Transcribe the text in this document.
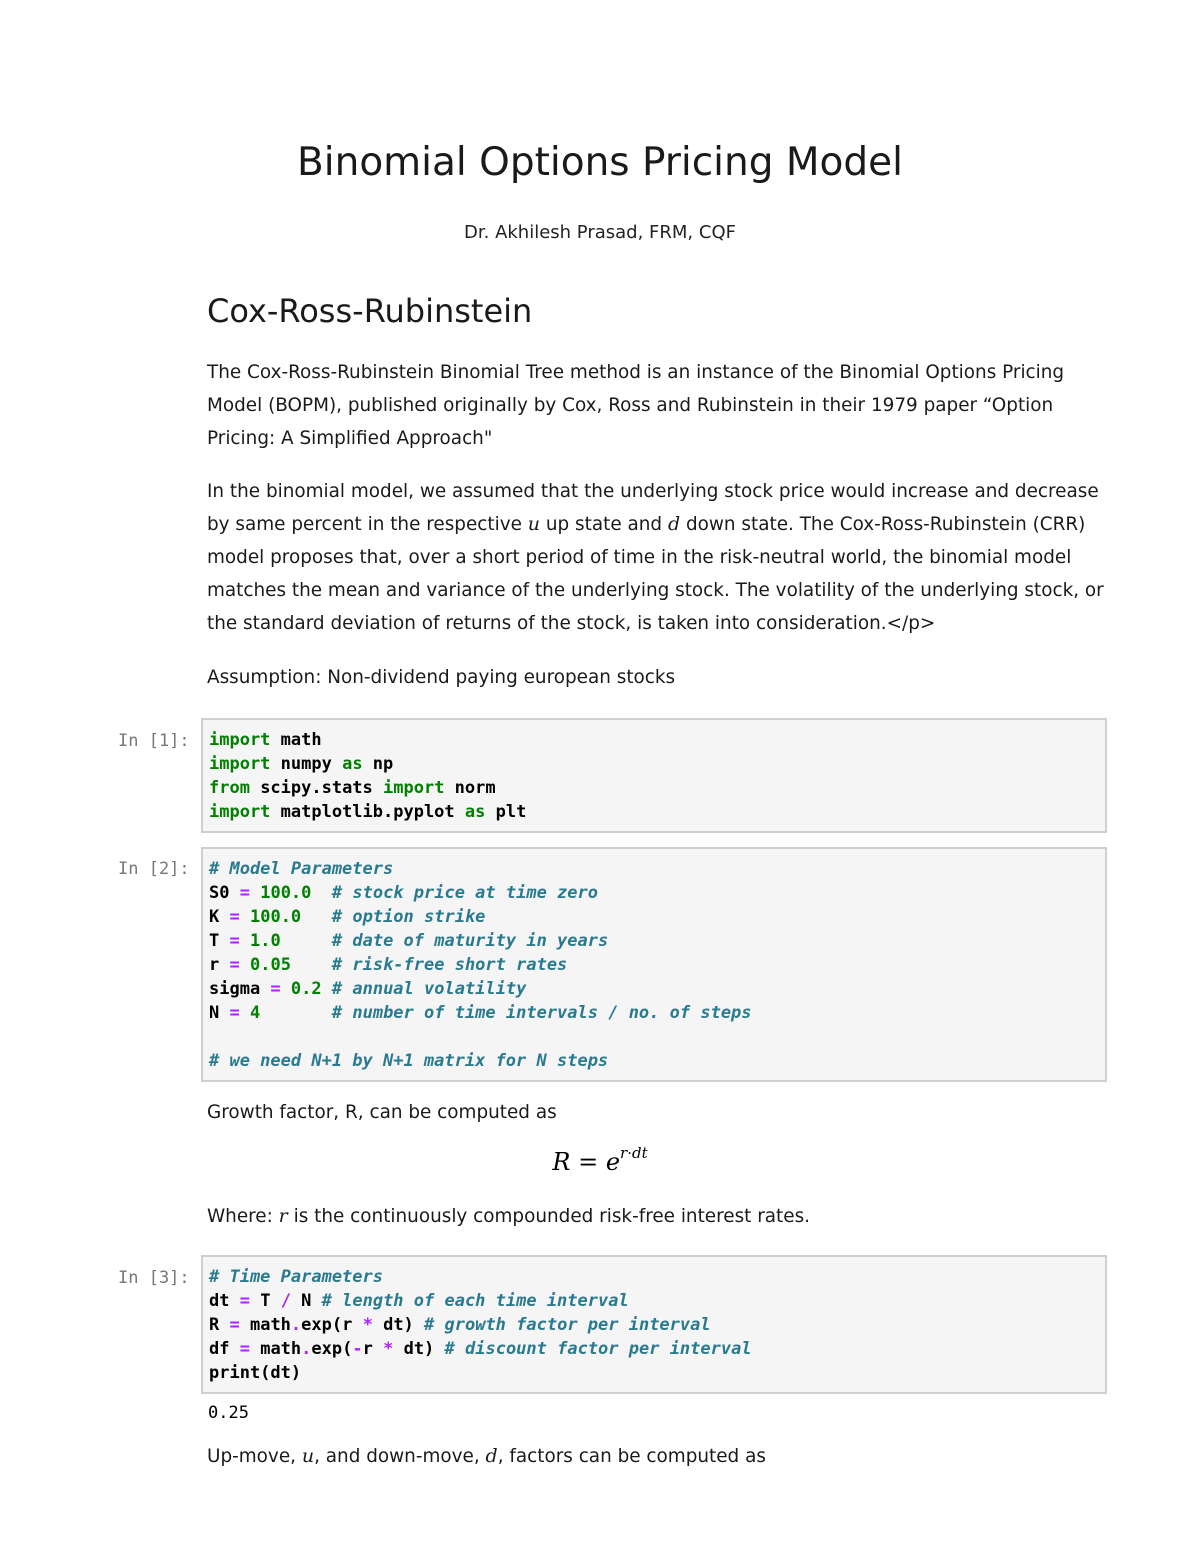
Binomial Options Pricing Model

Dr. Akhilesh Prasad, FRM, CQF

Cox-Ross-Rubinstein
The Cox-Ross-Rubinstein Binomial Tree method is an instance of the Binomial Options Pricing
Model (BOPM), published originally by Cox, Ross and Rubinstein in their 1979 paper “Option
Pricing: A Simplified Approach"
In the binomial model, we assumed that the underlying stock price would increase and decrease
by same percent in the respective u up state and d down state. The Cox-Ross-Rubinstein (CRR)
model proposes that, over a short period of time in the risk-neutral world, the binomial model
matches the mean and variance of the underlying stock. The volatility of the underlying stock, or
the standard deviation of returns of the stock, is taken into consideration.</p>

Assumption: Non-dividend paying european stocks

In [1]:	import math
import numpy as np
from scipy.stats import norm
import matplotlib.pyplot as plt
In [2]:	# Model Parameters
S0 = 100.0 # stock price at time zero
K = 100.0 # option strike
T = 1.0	# date of maturity in years
r = 0.05 # risk-free short rates
sigma = 0.2 # annual volatility
N = 4	# number of time intervals / no. of steps

# we need N+1 by N+1 matrix for N steps

Growth factor, R, can be computed as

$R = e^{r\cdot dt}$

Where: r is the continuously compounded risk-free interest rates.

In [3]:	# Time Parameters
dt = T / N # length of each time interval
R = math.exp(r * dt) # growth factor per interval
df = math.exp(-r * dt) # discount factor per interval
print(dt)
0.25

Up-move, u, and down-move, d, factors can be computed as
